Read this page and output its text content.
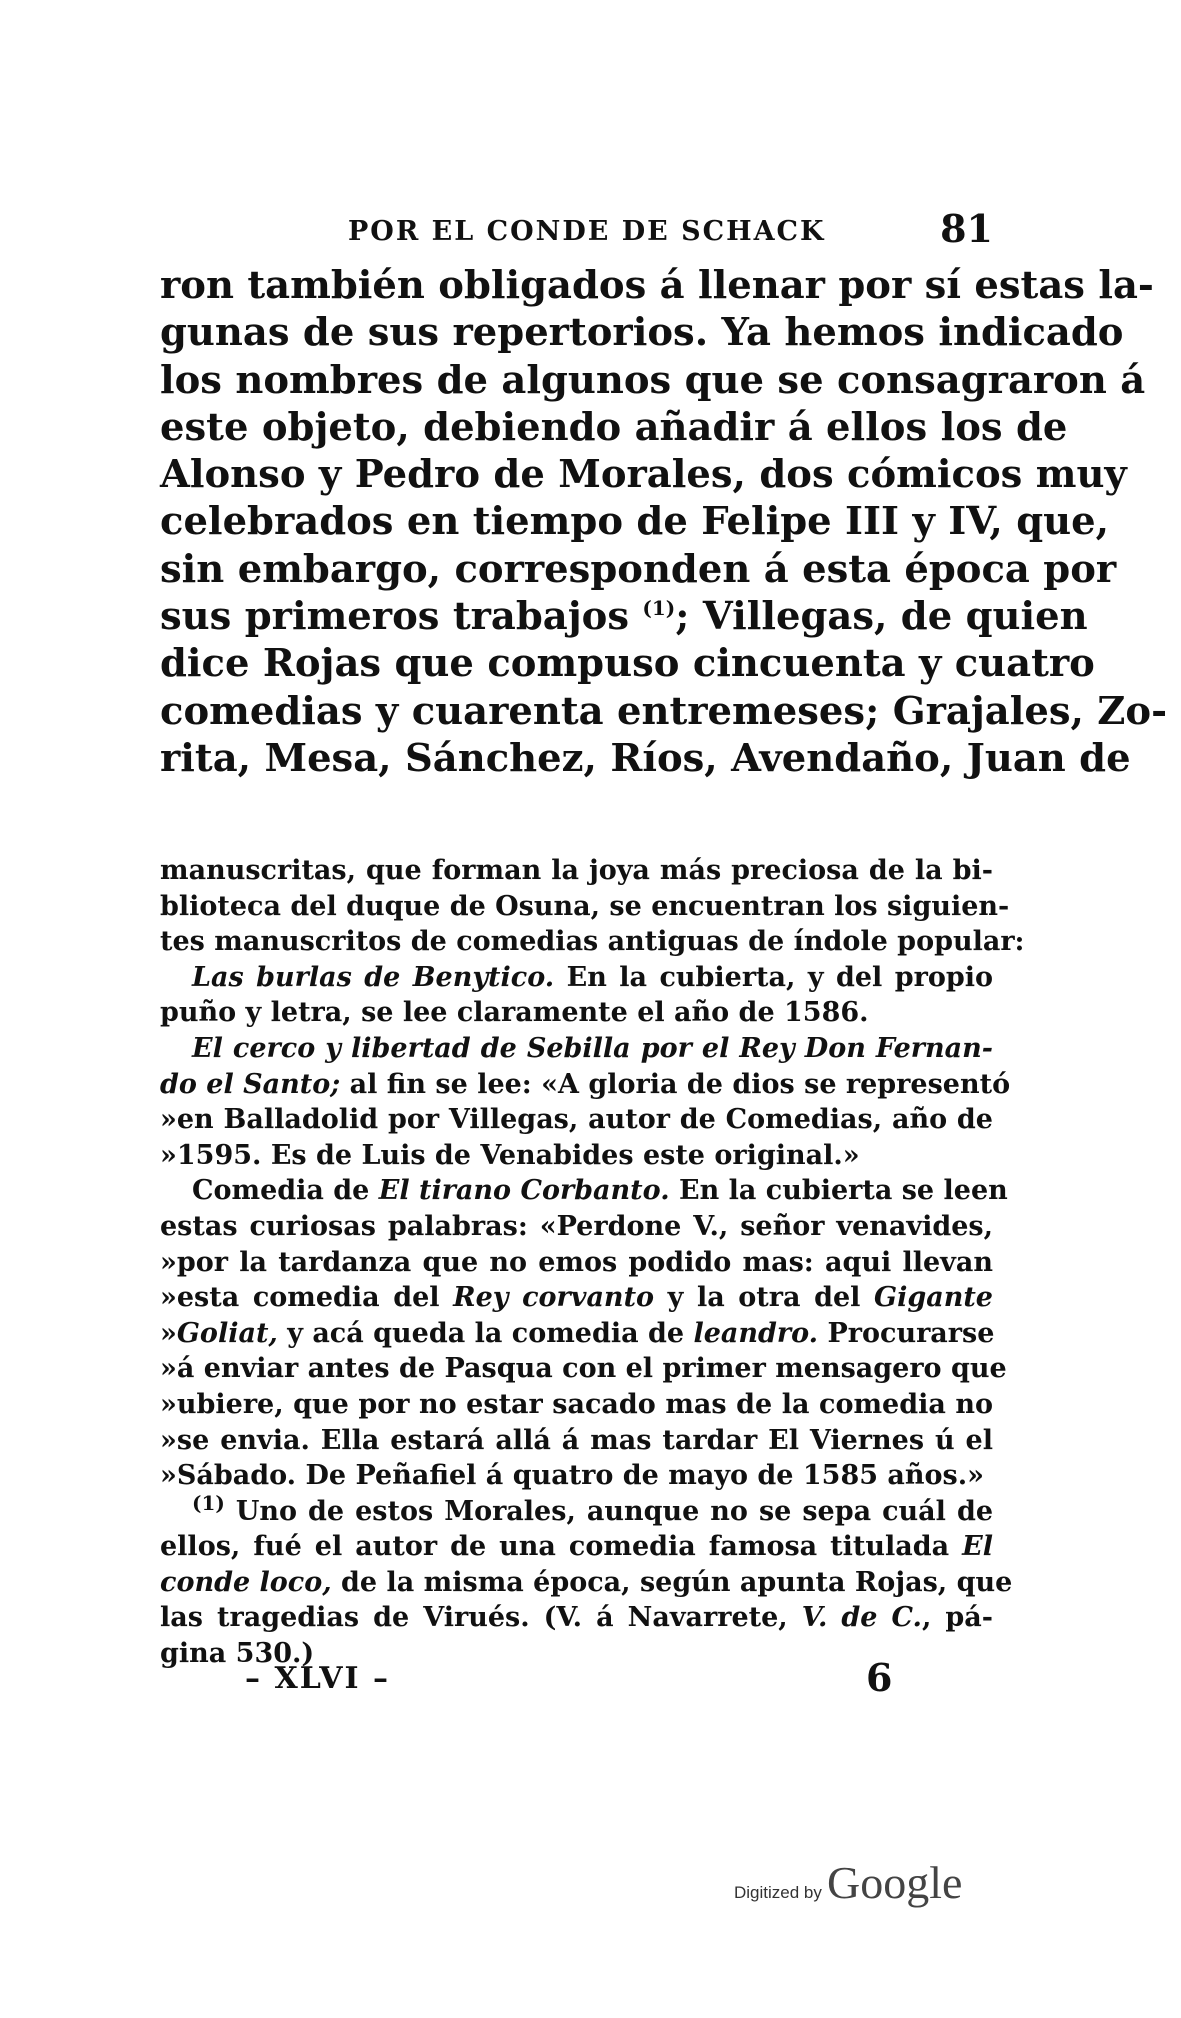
POR EL CONDE DE SCHACK	81
ron también obligados á llenar por sí estas la-
gunas de sus repertorios. Ya hemos indicado
los nombres de algunos que se consagraron á
este objeto, debiendo añadir á ellos los de
Alonso y Pedro de Morales, dos cómicos muy
celebrados en tiempo de Felipe III y IV, que,
sin embargo, corresponden á esta época por
sus primeros trabajos $^{(1)}$; Villegas, de quien
dice Rojas que compuso cincuenta y cuatro
comedias y cuarenta entremeses; Grajales, Zo-
rita, Mesa, Sánchez, Ríos, Avendaño, Juan de
manuscritas, que forman la joya más preciosa de la bi-
blioteca del duque de Osuna, se encuentran los siguien-
tes manuscritos de comedias antiguas de índole popular:
Las burlas de Benytico. En la cubierta, y del propio
puño y letra, se lee claramente el año de 1586.
El cerco y libertad de Sebilla por el Rey Don Fernan-
do el Santo; al fin se lee: «A gloria de dios se representó
»en Balladolid por Villegas, autor de Comedias, año de
»1595. Es de Luis de Venabides este original.»
Comedia de El tirano Corbanto. En la cubierta se leen
estas curiosas palabras: «Perdone V., señor venavides,
»por la tardanza que no emos podido mas: aqui llevan
»esta comedia del Rey corvanto y la otra del Gigante
»Goliat, y acá queda la comedia de leandro. Procurarse
»á enviar antes de Pasqua con el primer mensagero que
»ubiere, que por no estar sacado mas de la comedia no
»se envia. Ella estará allá á mas tardar El Viernes ú el
»Sábado. De Peñafiel á quatro de mayo de 1585 años.»
$^{(1)}$ Uno de estos Morales, aunque no se sepa cuál de
ellos, fué el autor de una comedia famosa titulada El
conde loco, de la misma época, según apunta Rojas, que
las tragedias de Virués. (V. á Navarrete, V. de C., pá-
gina 530.)
– XLVI –	6
Digitized by Google
